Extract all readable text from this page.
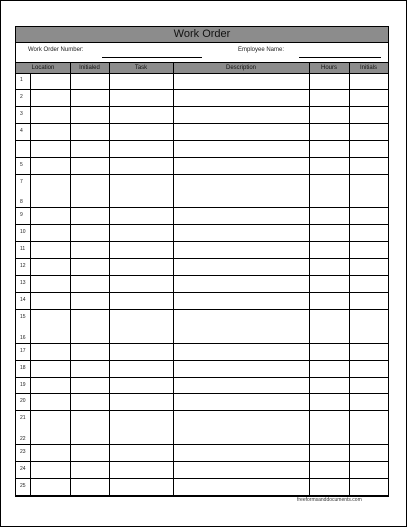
Work Order
Work Order Number:	Employee Name:
Location	Initialed	Task	Description	Hours	Initials
1
2
3
4
5
7
8
9
10
11
12
13
14
15
16
17
18
19
20
21
22
23
24
25
freeformsanddocuments.com
